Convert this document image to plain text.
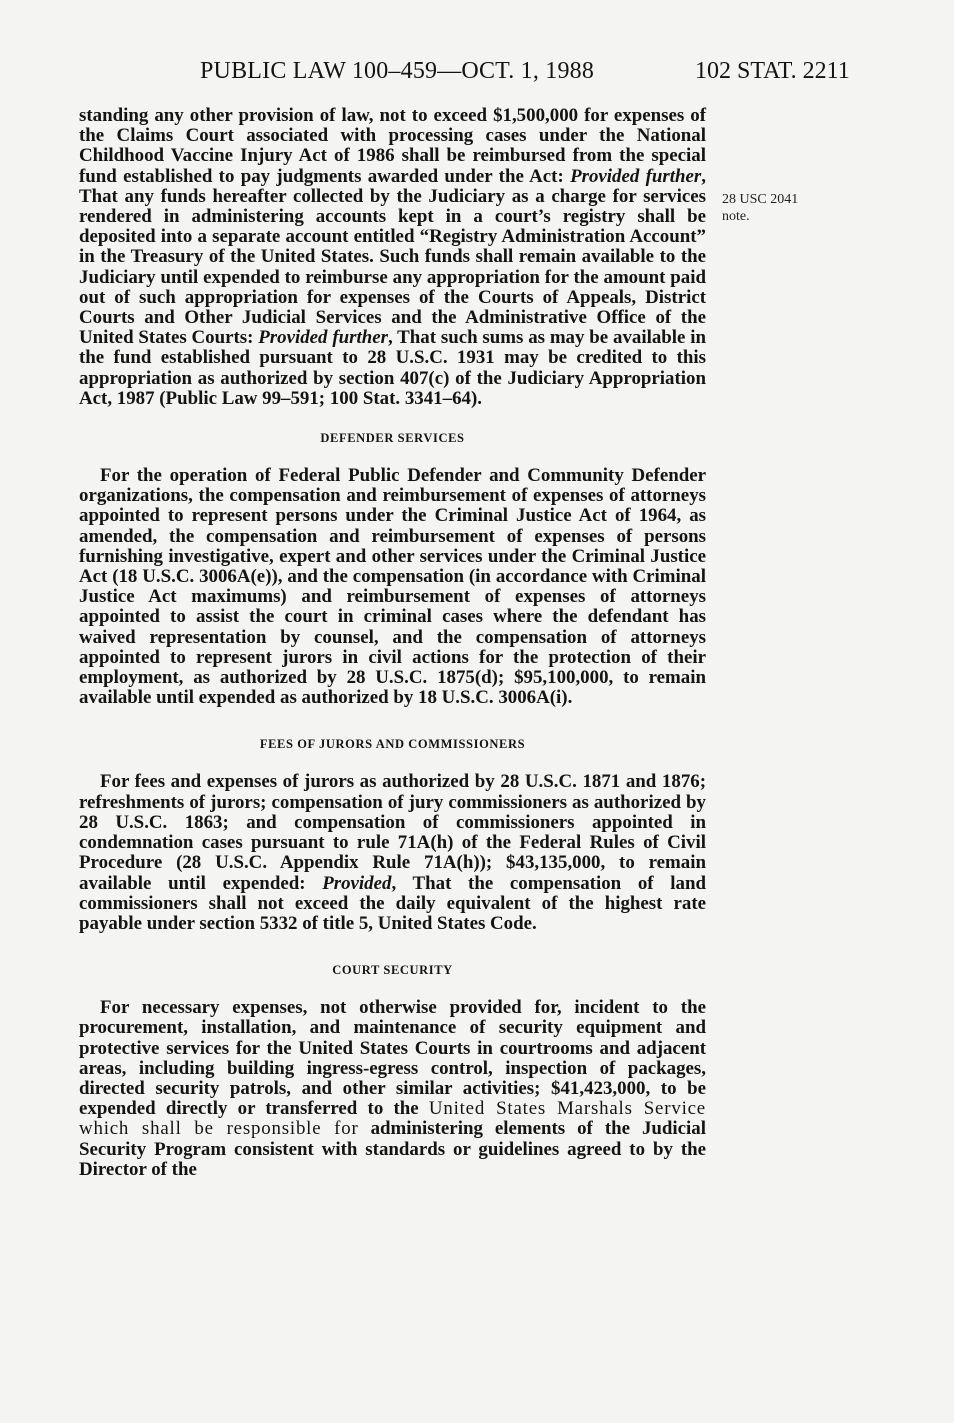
PUBLIC LAW 100–459—OCT. 1, 1988	102 STAT. 2211
28 USC 2041
note.

standing any other provision of law, not to exceed $1,500,000 for expenses of the Claims Court associated with processing cases under the National Childhood Vaccine Injury Act of 1986 shall be reimbursed from the special fund established to pay judgments awarded under the Act: Provided further, That any funds hereafter collected by the Judiciary as a charge for services rendered in administering accounts kept in a court’s registry shall be deposited into a separate account entitled “Registry Administration Account” in the Treasury of the United States. Such funds shall remain available to the Judiciary until expended to reimburse any appropriation for the amount paid out of such appropriation for expenses of the Courts of Appeals, District Courts and Other Judicial Services and the Administrative Office of the United States Courts: Provided further, That such sums as may be available in the fund established pursuant to 28 U.S.C. 1931 may be credited to this appropriation as authorized by section 407(c) of the Judiciary Appropriation Act, 1987 (Public Law 99–591; 100 Stat. 3341–64).

DEFENDER SERVICES

For the operation of Federal Public Defender and Community Defender organizations, the compensation and reimbursement of expenses of attorneys appointed to represent persons under the Criminal Justice Act of 1964, as amended, the compensation and reimbursement of expenses of persons furnishing investigative, expert and other services under the Criminal Justice Act (18 U.S.C. 3006A(e)), and the compensation (in accordance with Criminal Justice Act maximums) and reimbursement of expenses of attorneys appointed to assist the court in criminal cases where the defendant has waived representation by counsel, and the compensation of attorneys appointed to represent jurors in civil actions for the protection of their employment, as authorized by 28 U.S.C. 1875(d); $95,100,000, to remain available until expended as authorized by 18 U.S.C. 3006A(i).

FEES OF JURORS AND COMMISSIONERS

For fees and expenses of jurors as authorized by 28 U.S.C. 1871 and 1876; refreshments of jurors; compensation of jury commissioners as authorized by 28 U.S.C. 1863; and compensation of commissioners appointed in condemnation cases pursuant to rule 71A(h) of the Federal Rules of Civil Procedure (28 U.S.C. Appendix Rule 71A(h)); $43,135,000, to remain available until expended: Provided, That the compensation of land commissioners shall not exceed the daily equivalent of the highest rate payable under section 5332 of title 5, United States Code.

COURT SECURITY

For necessary expenses, not otherwise provided for, incident to the procurement, installation, and maintenance of security equipment and protective services for the United States Courts in courtrooms and adjacent areas, including building ingress-egress control, inspection of packages, directed security patrols, and other similar activities; $41,423,000, to be expended directly or transferred to the United States Marshals Service which shall be responsible for administering elements of the Judicial Security Program consistent with standards or guidelines agreed to by the Director of the
